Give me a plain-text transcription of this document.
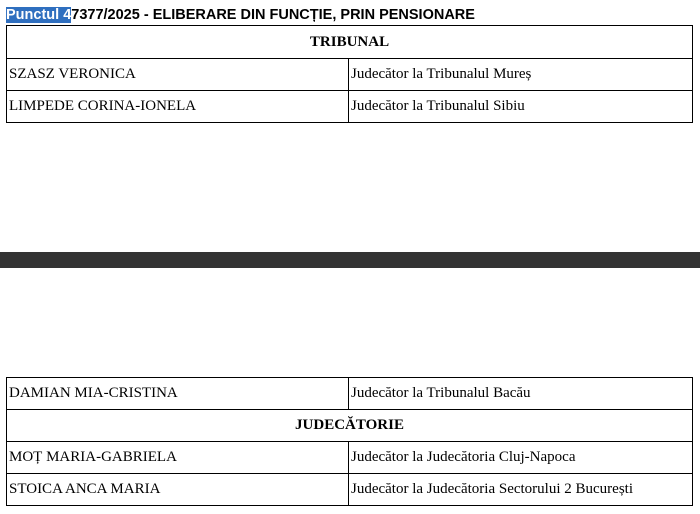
Punctul 47377/2025 - ELIBERARE DIN FUNCȚIE, PRIN PENSIONARE
TRIBUNAL	
SZASZ VERONICA	Judecător la Tribunalul Mureș
LIMPEDE CORINA-IONELA	Judecător la Tribunalul Sibiu
DAMIAN MIA-CRISTINA	Judecător la Tribunalul Bacău
JUDECĂTORIE	
MOȚ MARIA-GABRIELA	Judecător la Judecătoria Cluj-Napoca
STOICA ANCA MARIA	Judecător la Judecătoria Sectorului 2 București
